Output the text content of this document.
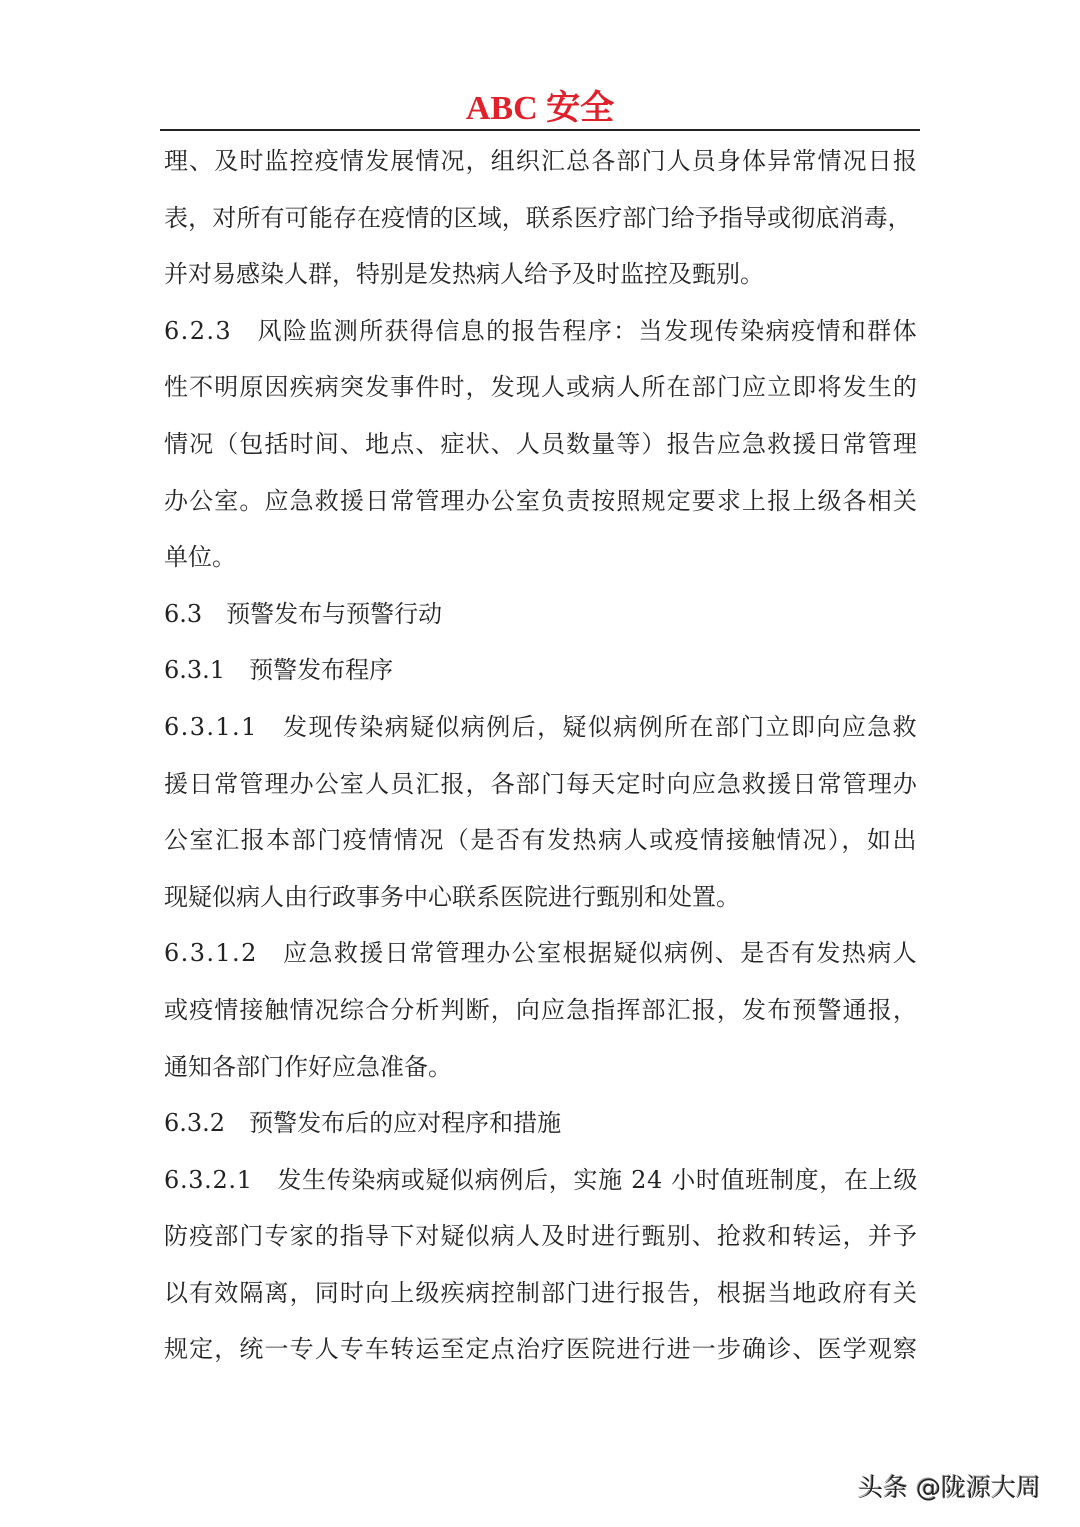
ABC 安全
理、及时监控疫情发展情况，组织汇总各部门人员身体异常情况日报
表，对所有可能存在疫情的区域，联系医疗部门给予指导或彻底消毒，
并对易感染人群，特别是发热病人给予及时监控及甄别。
6.2.3　风险监测所获得信息的报告程序：当发现传染病疫情和群体
性不明原因疾病突发事件时，发现人或病人所在部门应立即将发生的
情况（包括时间、地点、症状、人员数量等）报告应急救援日常管理
办公室。应急救援日常管理办公室负责按照规定要求上报上级各相关
单位。
6.3　预警发布与预警行动
6.3.1　预警发布程序
6.3.1.1　发现传染病疑似病例后，疑似病例所在部门立即向应急救
援日常管理办公室人员汇报，各部门每天定时向应急救援日常管理办
公室汇报本部门疫情情况（是否有发热病人或疫情接触情况），如出
现疑似病人由行政事务中心联系医院进行甄别和处置。
6.3.1.2　应急救援日常管理办公室根据疑似病例、是否有发热病人
或疫情接触情况综合分析判断，向应急指挥部汇报，发布预警通报，
通知各部门作好应急准备。
6.3.2　预警发布后的应对程序和措施
6.3.2.1　发生传染病或疑似病例后，实施 24 小时值班制度，在上级
防疫部门专家的指导下对疑似病人及时进行甄别、抢救和转运，并予
以有效隔离，同时向上级疾病控制部门进行报告，根据当地政府有关
规定，统一专人专车转运至定点治疗医院进行进一步确诊、医学观察
头条 @陇源大周
